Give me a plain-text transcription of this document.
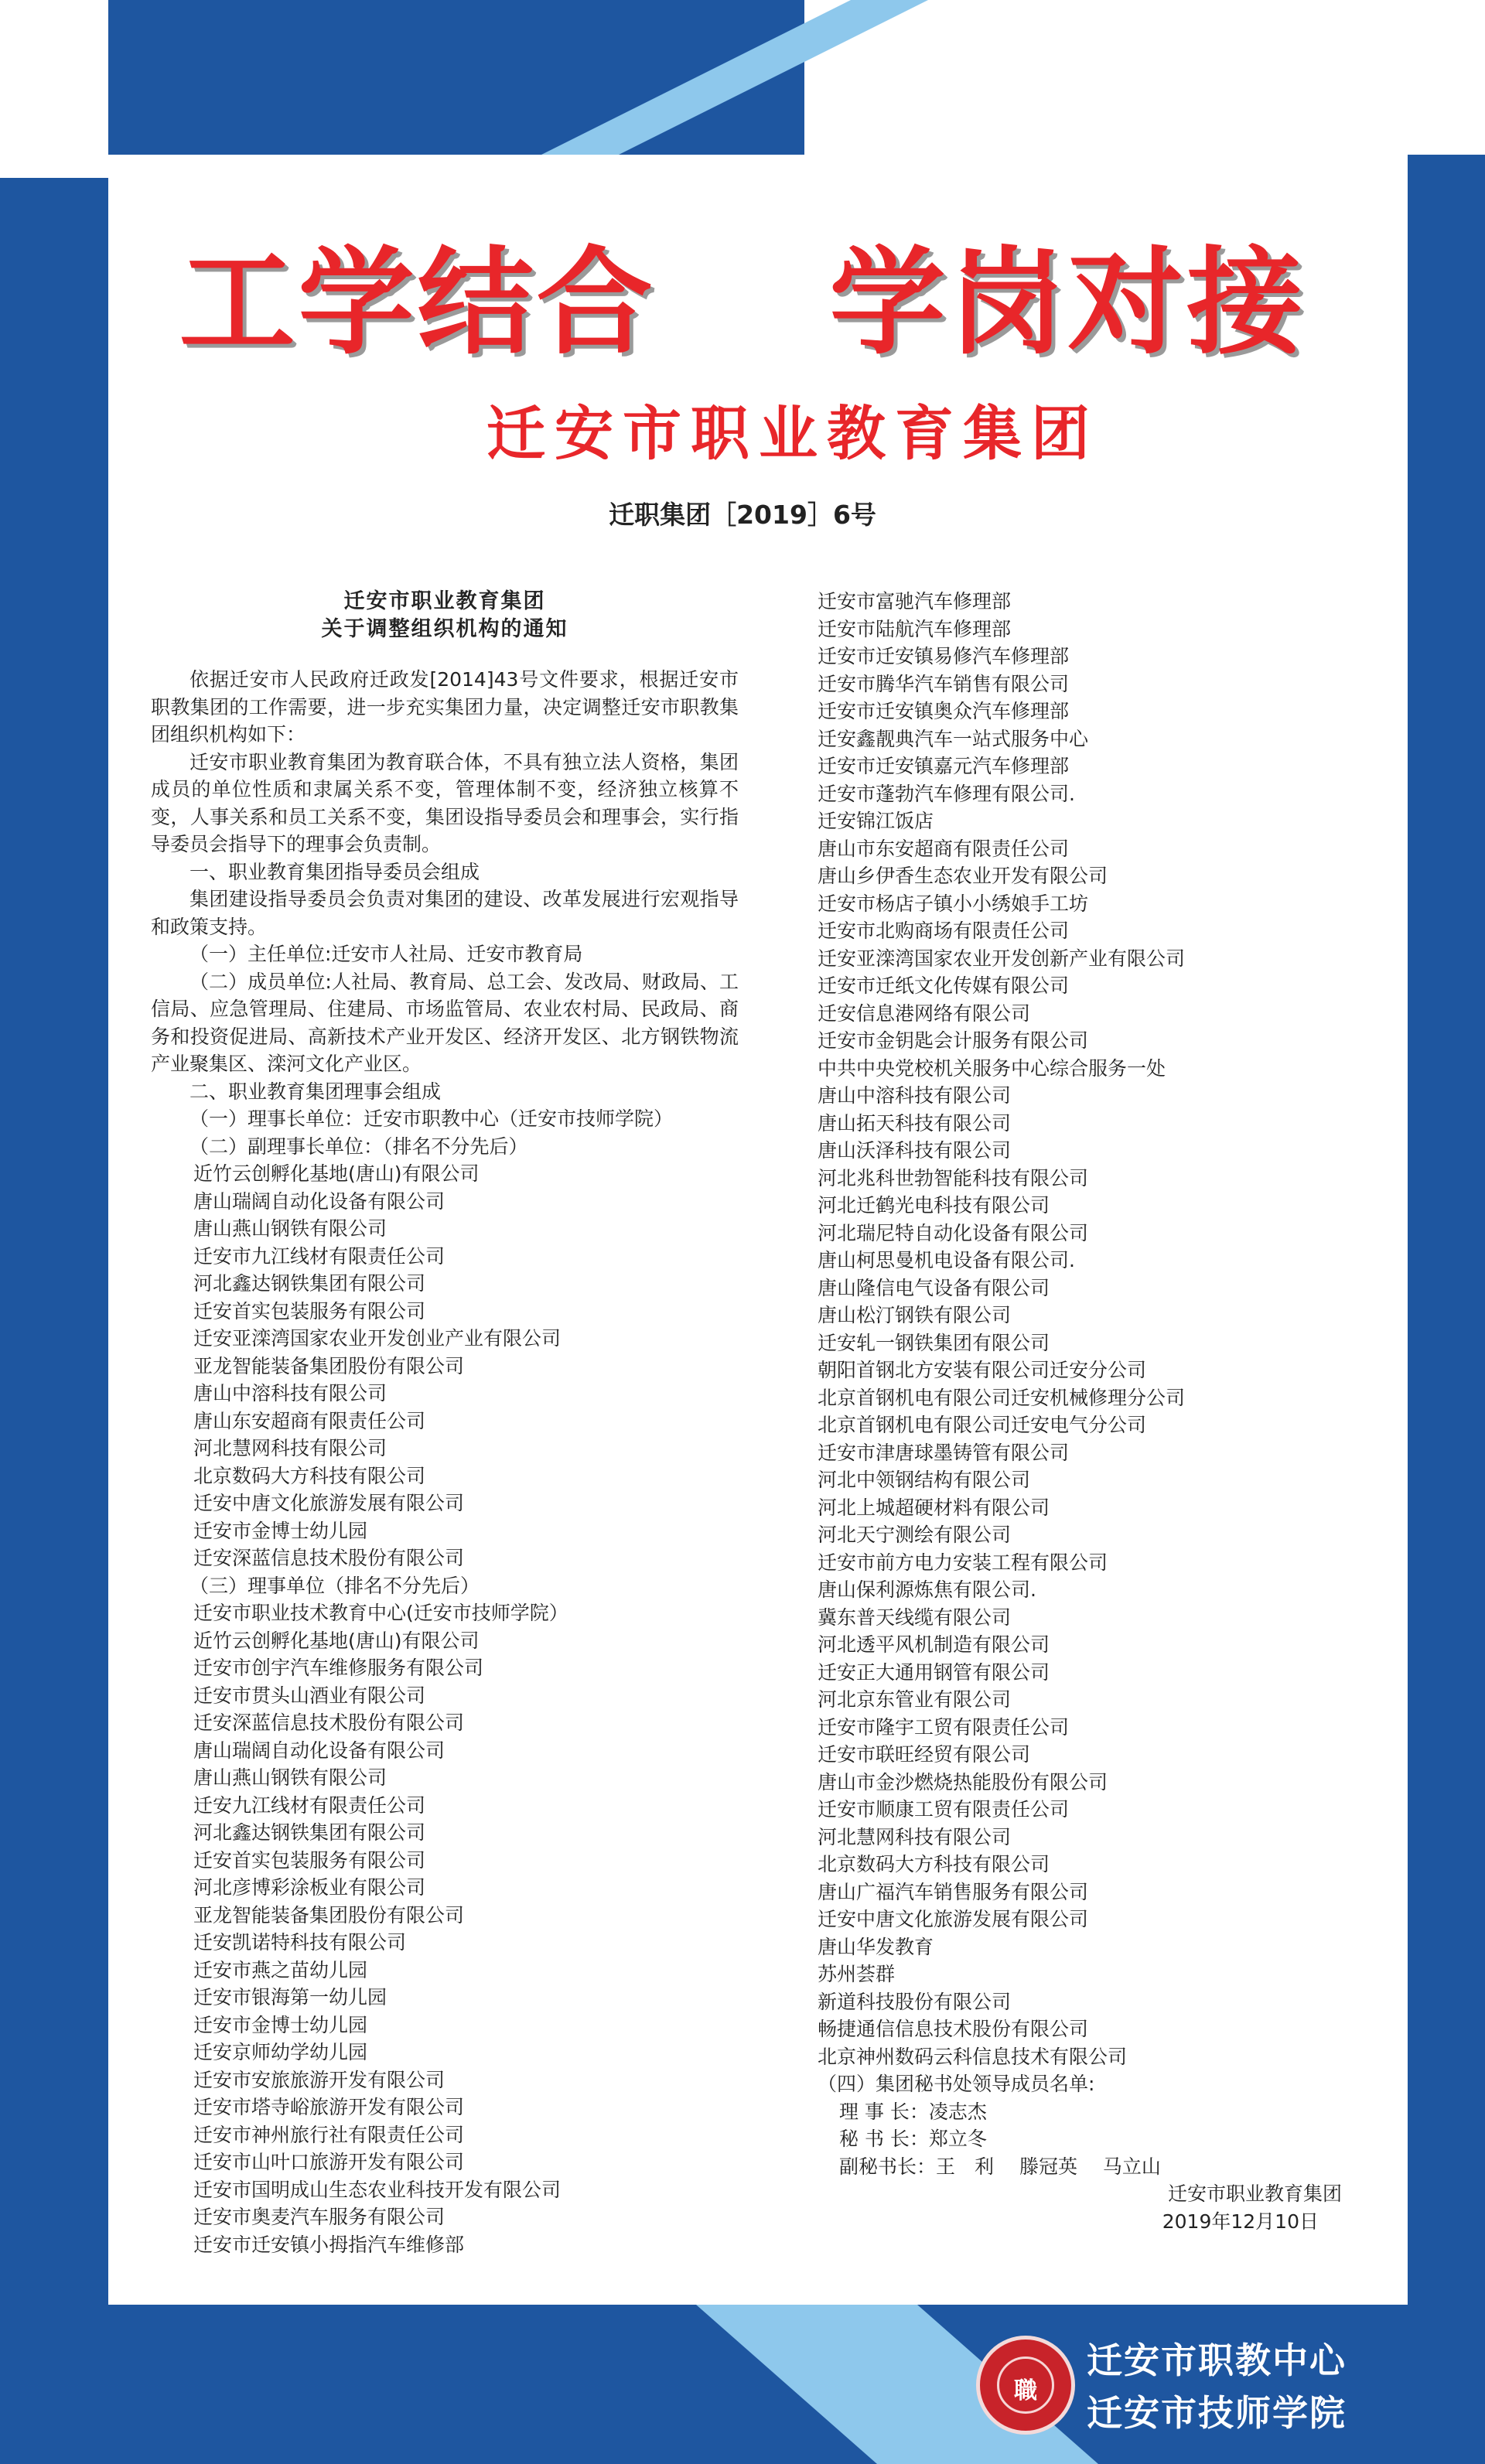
工学结合    学岗对接
迁安市职业教育集团
迁职集团［2019］6号
迁安市职业教育集团
关于调整组织机构的通知
依据迁安市人民政府迁政发[2014]43号文件要求，根据迁安市职教集团的工作需要，进一步充实集团力量，决定调整迁安市职教集团组织机构如下：
迁安市职业教育集团为教育联合体，不具有独立法人资格，集团成员的单位性质和隶属关系不变，管理体制不变，经济独立核算不变，人事关系和员工关系不变，集团设指导委员会和理事会，实行指导委员会指导下的理事会负责制。
一、职业教育集团指导委员会组成
集团建设指导委员会负责对集团的建设、改革发展进行宏观指导和政策支持。
（一）主任单位:迁安市人社局、迁安市教育局
（二）成员单位:人社局、教育局、总工会、发改局、财政局、工信局、应急管理局、住建局、市场监管局、农业农村局、民政局、商务和投资促进局、高新技术产业开发区、经济开发区、北方钢铁物流产业聚集区、滦河文化产业区。
二、职业教育集团理事会组成
（一）理事长单位：迁安市职教中心（迁安市技师学院）
（二）副理事长单位：（排名不分先后）
近竹云创孵化基地(唐山)有限公司
唐山瑞阔自动化设备有限公司
唐山燕山钢铁有限公司
迁安市九江线材有限责任公司
河北鑫达钢铁集团有限公司
迁安首实包装服务有限公司
迁安亚滦湾国家农业开发创业产业有限公司
亚龙智能装备集团股份有限公司
唐山中溶科技有限公司
唐山东安超商有限责任公司
河北慧网科技有限公司
北京数码大方科技有限公司
迁安中唐文化旅游发展有限公司
迁安市金博士幼儿园
迁安深蓝信息技术股份有限公司
（三）理事单位（排名不分先后）
迁安市职业技术教育中心(迁安市技师学院）
近竹云创孵化基地(唐山)有限公司
迁安市创宇汽车维修服务有限公司
迁安市贯头山酒业有限公司
迁安深蓝信息技术股份有限公司
唐山瑞阔自动化设备有限公司
唐山燕山钢铁有限公司
迁安九江线材有限责任公司
河北鑫达钢铁集团有限公司
迁安首实包装服务有限公司
河北彦博彩涂板业有限公司
亚龙智能装备集团股份有限公司
迁安凯诺特科技有限公司
迁安市燕之苗幼儿园
迁安市银海第一幼儿园
迁安市金博士幼儿园
迁安京师幼学幼儿园
迁安市安旅旅游开发有限公司
迁安市塔寺峪旅游开发有限公司
迁安市神州旅行社有限责任公司
迁安市山叶口旅游开发有限公司
迁安市国明成山生态农业科技开发有限公司
迁安市奥麦汽车服务有限公司
迁安市迁安镇小拇指汽车维修部
迁安市富驰汽车修理部
迁安市陆航汽车修理部
迁安市迁安镇易修汽车修理部
迁安市腾华汽车销售有限公司
迁安市迁安镇奥众汽车修理部
迁安鑫靓典汽车一站式服务中心
迁安市迁安镇嘉元汽车修理部
迁安市蓬勃汽车修理有限公司.
迁安锦江饭店
唐山市东安超商有限责任公司
唐山乡伊香生态农业开发有限公司
迁安市杨店子镇小小绣娘手工坊
迁安市北购商场有限责任公司
迁安亚滦湾国家农业开发创新产业有限公司
迁安市迁纸文化传媒有限公司
迁安信息港网络有限公司
迁安市金钥匙会计服务有限公司
中共中央党校机关服务中心综合服务一处
唐山中溶科技有限公司
唐山拓天科技有限公司
唐山沃泽科技有限公司
河北兆科世勃智能科技有限公司
河北迁鹤光电科技有限公司
河北瑞尼特自动化设备有限公司
唐山柯思曼机电设备有限公司.
唐山隆信电气设备有限公司
唐山松汀钢铁有限公司
迁安轧一钢铁集团有限公司
朝阳首钢北方安装有限公司迁安分公司
北京首钢机电有限公司迁安机械修理分公司
北京首钢机电有限公司迁安电气分公司
迁安市津唐球墨铸管有限公司
河北中领钢结构有限公司
河北上城超硬材料有限公司
河北天宁测绘有限公司
迁安市前方电力安装工程有限公司
唐山保利源炼焦有限公司.
冀东普天线缆有限公司
河北透平风机制造有限公司
迁安正大通用钢管有限公司
河北京东管业有限公司
迁安市隆宇工贸有限责任公司
迁安市联旺经贸有限公司
唐山市金沙燃烧热能股份有限公司
迁安市顺康工贸有限责任公司
河北慧网科技有限公司
北京数码大方科技有限公司
唐山广福汽车销售服务有限公司
迁安中唐文化旅游发展有限公司
唐山华发教育
苏州荟群
新道科技股份有限公司
畅捷通信信息技术股份有限公司
北京神州数码云科信息技术有限公司
（四）集团秘书处领导成员名单:
理 事 长：凌志杰
秘 书 长：郑立冬
副秘书长：王　利　 滕冠英　 马立山
迁安市职业教育集团
2019年12月10日
職
迁安市职教中心
迁安市技师学院
